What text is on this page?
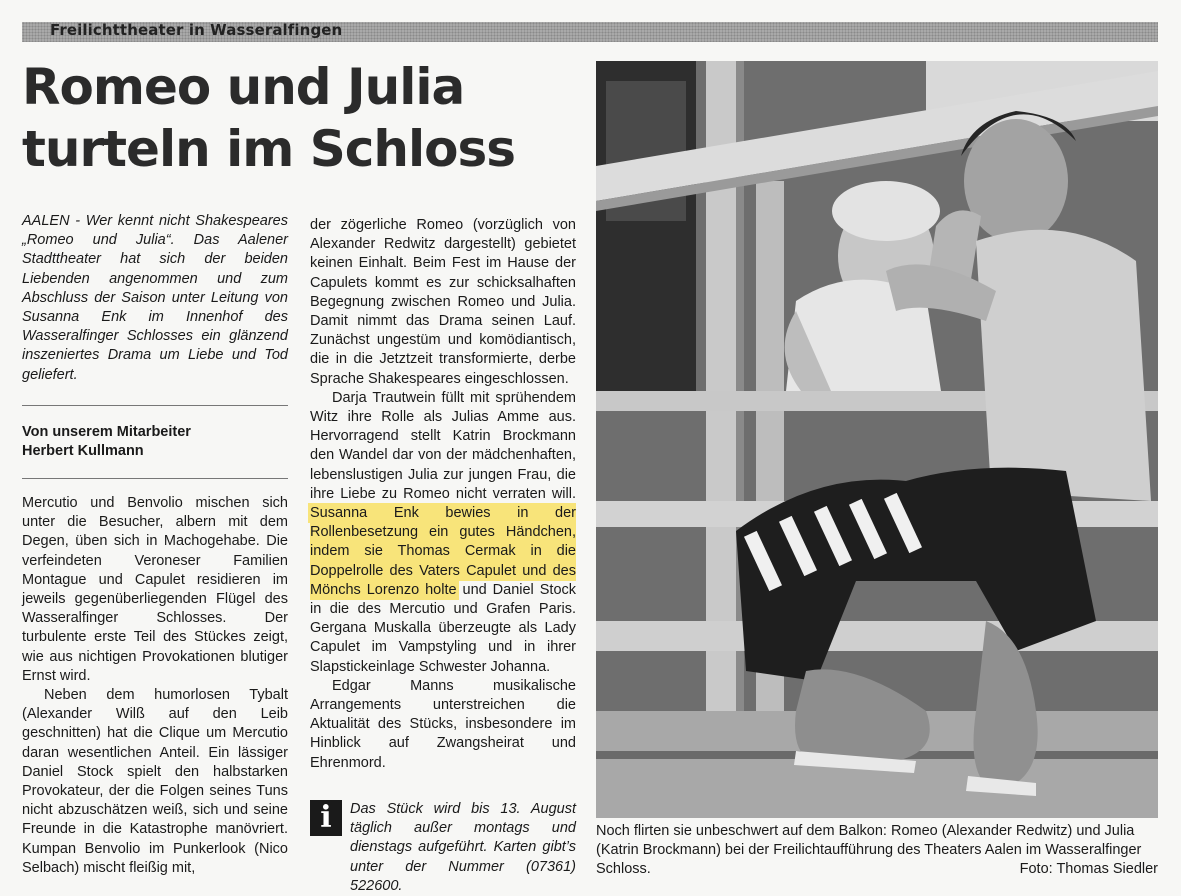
Freilichttheater in Wasseralfingen
Romeo und Julia
turteln im Schloss
AALEN - Wer kennt nicht Shakespeares „Romeo und Julia“. Das Aalener Stadttheater hat sich der beiden Liebenden angenommen und zum Abschluss der Saison unter Leitung von Susanna Enk im Innenhof des Wasseralfinger Schlosses ein glänzend inszeniertes Drama um Liebe und Tod geliefert.
Von unserem Mitarbeiter
Herbert Kullmann

Mercutio und Benvolio mischen sich unter die Besucher, albern mit dem Degen, üben sich in Machogehabe. Die verfeindeten Veroneser Familien Montague und Capulet residieren im jeweils gegenüberliegenden Flügel des Wasseralfinger Schlosses. Der turbulente erste Teil des Stückes zeigt, wie aus nichtigen Provokationen blutiger Ernst wird.

Neben dem humorlosen Tybalt (Alexander Wilß auf den Leib geschnitten) hat die Clique um Mercutio daran wesentlichen Anteil. Ein lässiger Daniel Stock spielt den halbstarken Provokateur, der die Folgen seines Tuns nicht abzuschätzen weiß, sich und seine Freunde in die Katastrophe manövriert. Kumpan Benvolio im Punkerlook (Nico Selbach) mischt fleißig mit,

der zögerliche Romeo (vorzüglich von Alexander Redwitz dargestellt) gebietet keinen Einhalt. Beim Fest im Hause der Capulets kommt es zur schicksalhaften Begegnung zwischen Romeo und Julia. Damit nimmt das Drama seinen Lauf. Zunächst ungestüm und komödiantisch, die in die Jetztzeit transformierte, derbe Sprache Shakespeares eingeschlossen.

Darja Trautwein füllt mit sprühendem Witz ihre Rolle als Julias Amme aus. Hervorragend stellt Katrin Brockmann den Wandel dar von der mädchenhaften, lebenslustigen Julia zur jungen Frau, die ihre Liebe zu Romeo nicht verraten will. Susanna Enk bewies in der Rollenbesetzung ein gutes Händchen, indem sie Thomas Cermak in die Doppelrolle des Vaters Capulet und des Mönchs Lorenzo holte und Daniel Stock in die des Mercutio und Grafen Paris. Gergana Muskalla überzeugte als Lady Capulet im Vampstyling und in ihrer Slapstickeinlage Schwester Johanna.

Edgar Manns musikalische Arrangements unterstreichen die Aktualität des Stücks, insbesondere im Hinblick auf Zwangsheirat und Ehrenmord.

i	Das Stück wird bis 13. August täglich außer montags und dienstags aufgeführt. Karten gibt’s unter der Nummer (07361) 522600.
Noch flirten sie unbeschwert auf dem Balkon: Romeo (Alexander Redwitz) und Julia (Katrin Brockmann) bei der Freilichtaufführung des Theaters Aalen im Wasseralfinger Schloss.	Foto: Thomas Siedler
